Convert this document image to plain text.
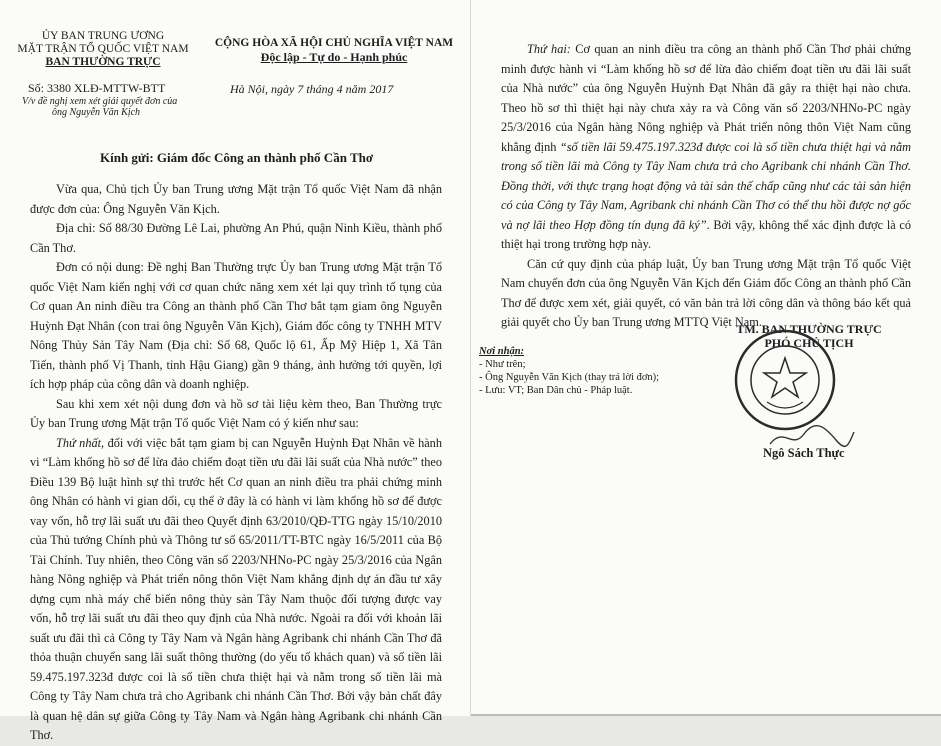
ỦY BAN TRUNG ƯƠNG
MẶT TRẬN TỔ QUỐC VIỆT NAM
BAN THƯỜNG TRỰC
Số: 3380 XLĐ-MTTW-BTT
V/v đề nghị xem xét giải quyết đơn của
ông Nguyễn Văn Kịch
CỘNG HÒA XÃ HỘI CHỦ NGHĨA VIỆT NAM
Độc lập - Tự do - Hạnh phúc
Hà Nội, ngày 7 tháng 4 năm 2017
Kính gửi: Giám đốc Công an thành phố Cần Thơ

Vừa qua, Chủ tịch Ủy ban Trung ương Mặt trận Tổ quốc Việt Nam đã nhận được đơn của: Ông Nguyễn Văn Kịch.

Địa chỉ: Số 88/30 Đường Lê Lai, phường An Phú, quận Ninh Kiều, thành phố Cần Thơ.

Đơn có nội dung: Đề nghị Ban Thường trực Ủy ban Trung ương Mặt trận Tổ quốc Việt Nam kiến nghị với cơ quan chức năng xem xét lại quy trình tố tụng của Cơ quan An ninh điều tra Công an thành phố Cần Thơ bắt tạm giam ông Nguyễn Huỳnh Đạt Nhân (con trai ông Nguyễn Văn Kịch), Giám đốc công ty TNHH MTV Nông Thủy Sản Tây Nam (Địa chỉ: Số 68, Quốc lộ 61, Ấp Mỹ Hiệp 1, Xã Tân Tiến, thành phố Vị Thanh, tỉnh Hậu Giang) gần 9 tháng, ảnh hưởng tới quyền, lợi ích hợp pháp của công dân và doanh nghiệp.

Sau khi xem xét nội dung đơn và hồ sơ tài liệu kèm theo, Ban Thường trực Ủy ban Trung ương Mặt trận Tổ quốc Việt Nam có ý kiến như sau:

Thứ nhất, đối với việc bắt tạm giam bị can Nguyễn Huỳnh Đạt Nhân về hành vi “Làm khống hồ sơ để lừa đảo chiếm đoạt tiền ưu đãi lãi suất của Nhà nước” theo Điều 139 Bộ luật hình sự thì trước hết Cơ quan an ninh điều tra phải chứng minh ông Nhân có hành vi gian dối, cụ thể ở đây là có hành vi làm khống hồ sơ để được vay vốn, hỗ trợ lãi suất ưu đãi theo Quyết định 63/2010/QĐ-TTG ngày 15/10/2010 của Thủ tướng Chính phủ và Thông tư số 65/2011/TT-BTC ngày 16/5/2011 của Bộ Tài Chính. Tuy nhiên, theo Công văn số 2203/NHNo-PC ngày 25/3/2016 của Ngân hàng Nông nghiệp và Phát triển nông thôn Việt Nam khẳng định dự án đầu tư xây dựng cụm nhà máy chế biến nông thủy sản Tây Nam thuộc đối tượng được vay vốn, hỗ trợ lãi suất ưu đãi theo quy định của Nhà nước. Ngoài ra đối với khoản lãi suất ưu đãi thì cả Công ty Tây Nam và Ngân hàng Agribank chi nhánh Cần Thơ đã thỏa thuận chuyển sang lãi suất thông thường (do yếu tố khách quan) và số tiền lãi 59.475.197.323đ được coi là số tiền chưa thiệt hại và nằm trong số tiền lãi mà Công ty Tây Nam chưa trả cho Agribank chi nhánh Cần Thơ. Bởi vậy bản chất đây là quan hệ dân sự giữa Công ty Tây Nam và Ngân hàng Agribank chi nhánh Cần Thơ.

Thứ hai: Cơ quan an ninh điều tra công an thành phố Cần Thơ phải chứng minh được hành vi “Làm khống hồ sơ để lừa đảo chiếm đoạt tiền ưu đãi lãi suất của Nhà nước” của ông Nguyễn Huỳnh Đạt Nhân đã gây ra thiệt hại nào chưa. Theo hồ sơ thì thiệt hại này chưa xảy ra và Công văn số 2203/NHNo-PC ngày 25/3/2016 của Ngân hàng Nông nghiệp và Phát triển nông thôn Việt Nam cũng khẳng định “số tiền lãi 59.475.197.323đ được coi là số tiền chưa thiệt hại và nằm trong số tiền lãi mà Công ty Tây Nam chưa trả cho Agribank chi nhánh Cần Thơ. Đồng thời, với thực trạng hoạt động và tài sản thế chấp cũng như các tài sản hiện có của Công ty Tây Nam, Agribank chi nhánh Cần Thơ có thể thu hồi được nợ gốc và nợ lãi theo Hợp đồng tín dụng đã ký”. Bởi vậy, không thể xác định được là có thiệt hại trong trường hợp này.

Căn cứ quy định của pháp luật, Ủy ban Trung ương Mặt trận Tổ quốc Việt Nam chuyển đơn của ông Nguyễn Văn Kịch đến Giám đốc Công an thành phố Cần Thơ để được xem xét, giải quyết, có văn bản trả lời công dân và thông báo kết quả giải quyết cho Ủy ban Trung ương MTTQ Việt Nam.

Nơi nhận:
- Như trên;
- Ông Nguyễn Văn Kịch (thay trả lời đơn);
- Lưu: VT; Ban Dân chủ - Pháp luật.
TM. BAN THƯỜNG TRỰC
PHÓ CHỦ TỊCH
Ngô Sách Thực
